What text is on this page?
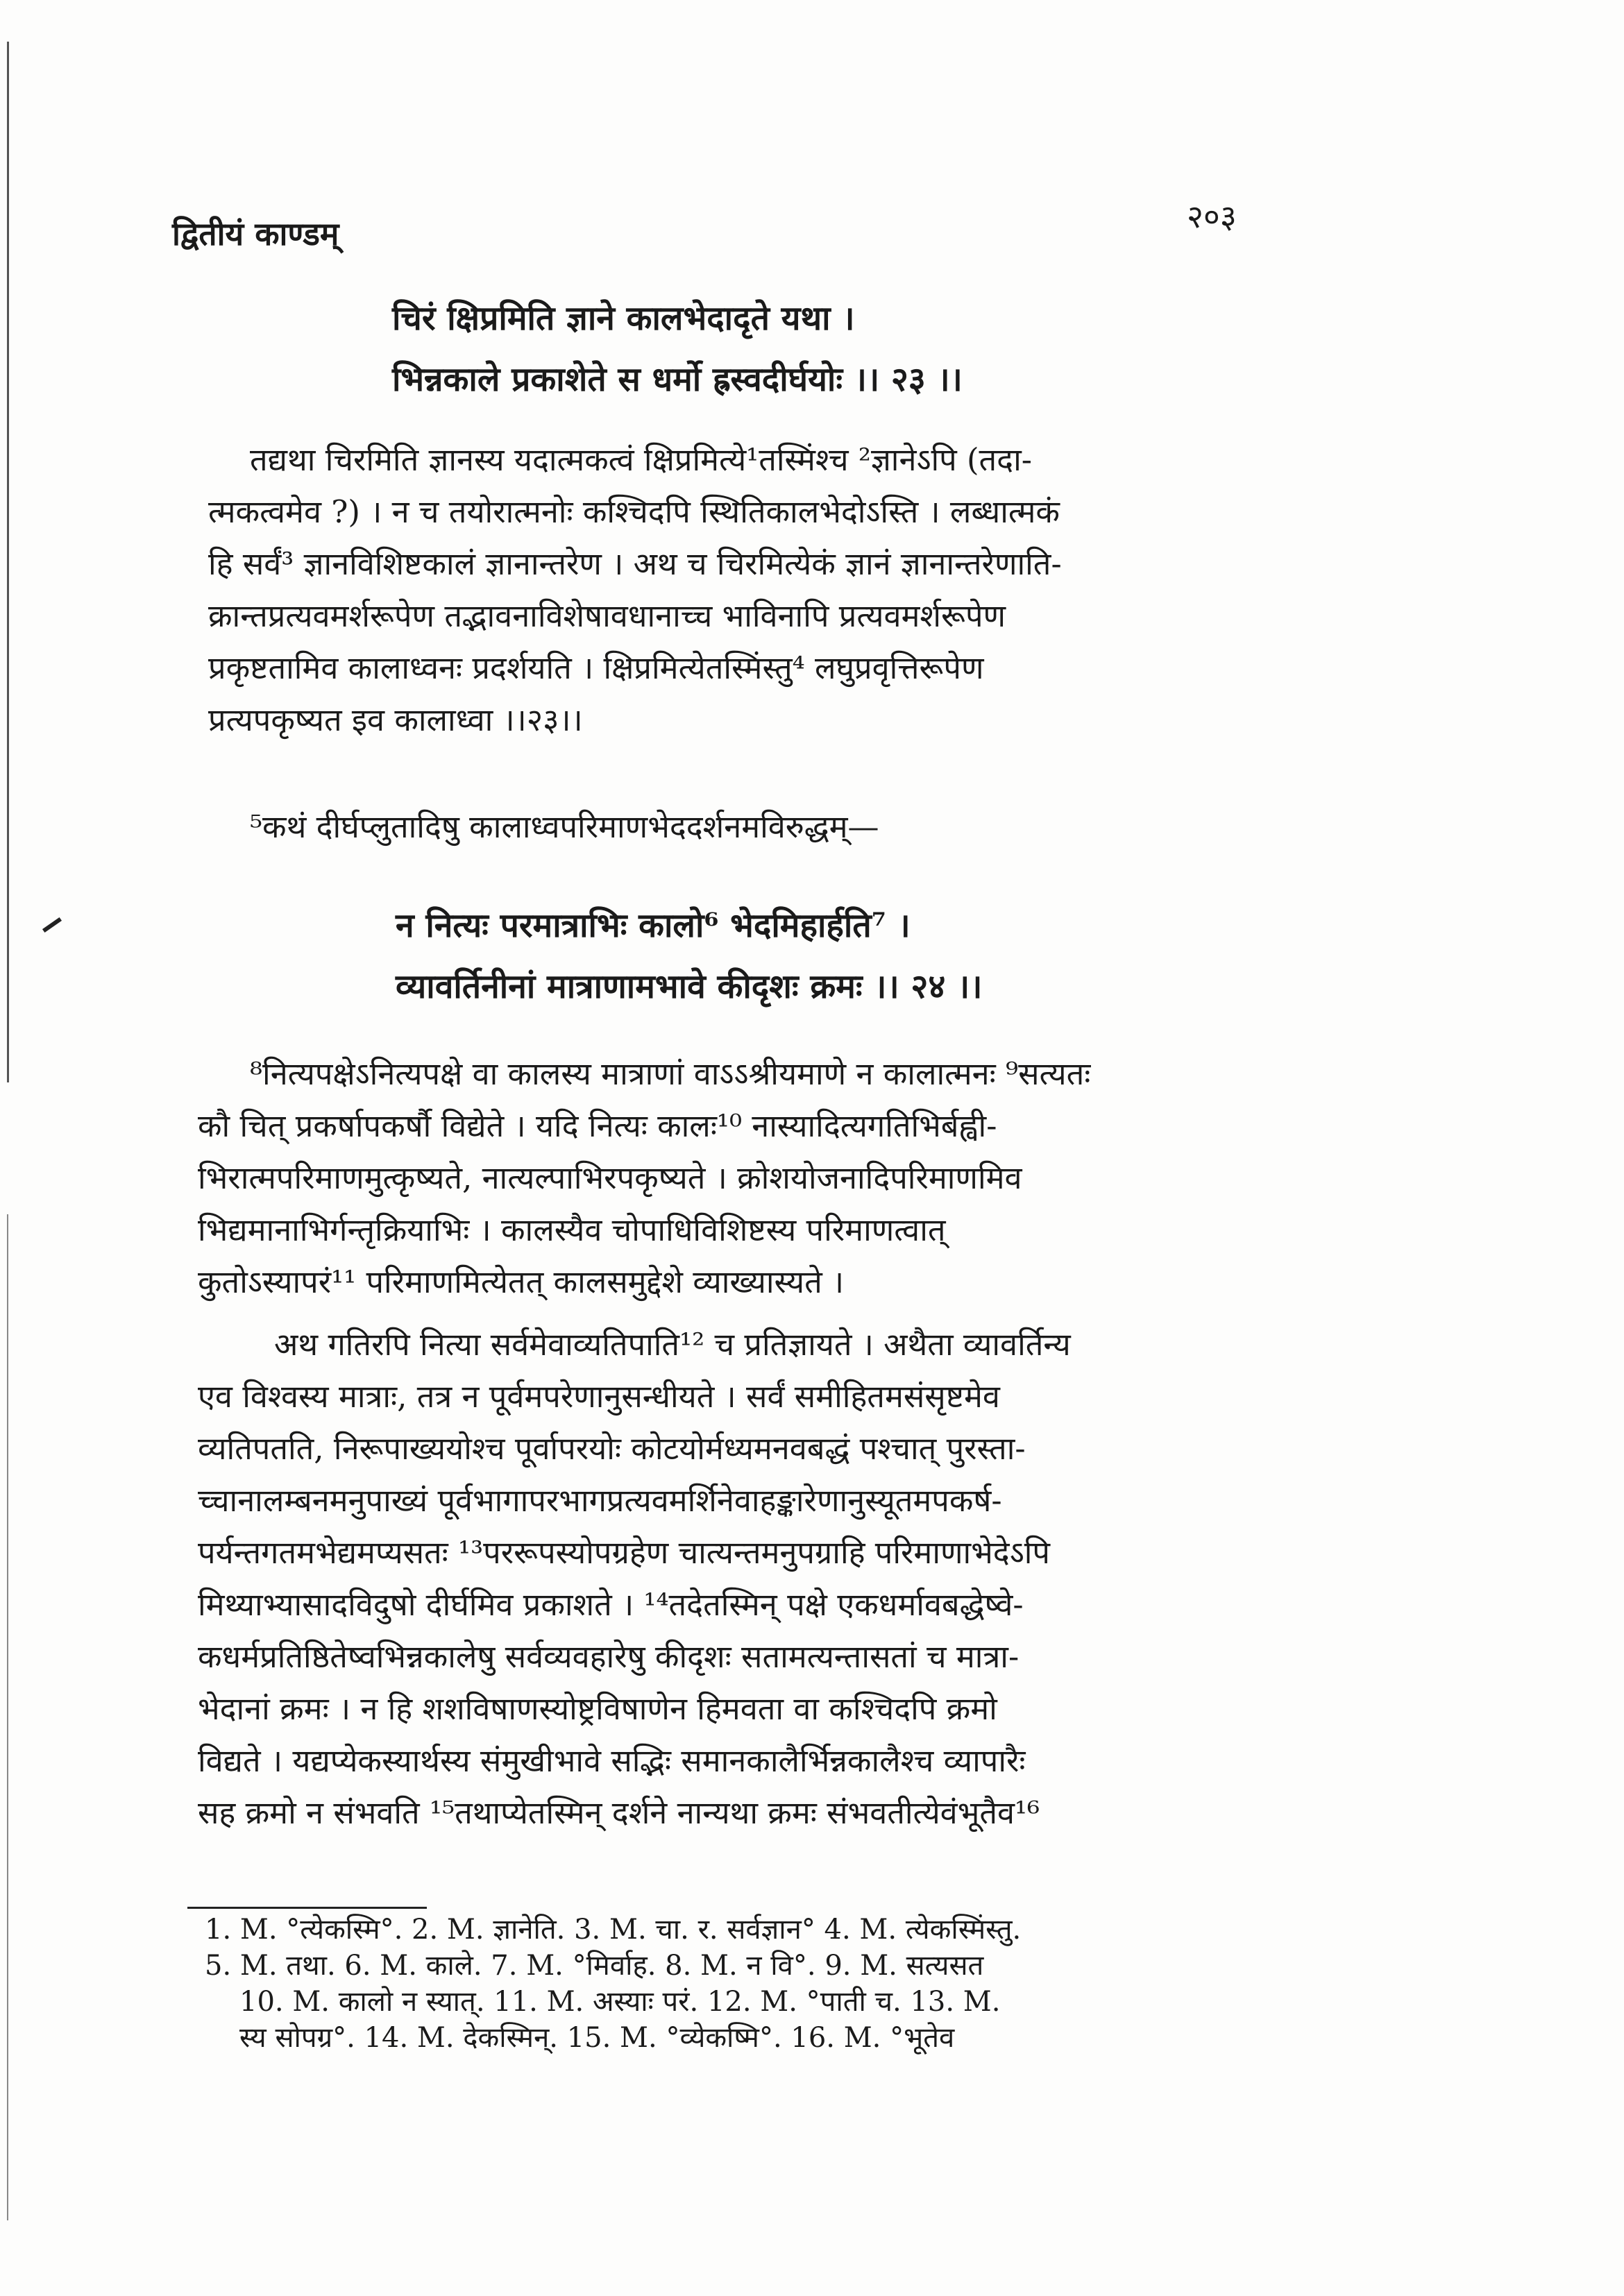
द्वितीयं काण्डम्	२०३
चिरं क्षिप्रमिति ज्ञाने कालभेदादृते यथा ।
भिन्नकाले प्रकाशेते स धर्मो ह्रस्वदीर्घयोः ।। २३ ।।
तद्यथा चिरमिति ज्ञानस्य यदात्मकत्वं क्षिप्रमित्ये¹तस्मिंश्च ²ज्ञानेऽपि (तदा-
त्मकत्वमेव ?) । न च तयोरात्मनोः कश्चिदपि स्थितिकालभेदोऽस्ति । लब्धात्मकं
हि सर्वं³ ज्ञानविशिष्टकालं ज्ञानान्तरेण । अथ च चिरमित्येकं ज्ञानं ज्ञानान्तरेणाति-
क्रान्तप्रत्यवमर्शरूपेण तद्भावनाविशेषावधानाच्च भाविनापि प्रत्यवमर्शरूपेण
प्रकृष्टतामिव कालाध्वनः प्रदर्शयति । क्षिप्रमित्येतस्मिंस्तु⁴ लघुप्रवृत्तिरूपेण
प्रत्यपकृष्यत इव कालाध्वा ।।२३।।
⁵कथं दीर्घप्लुतादिषु कालाध्वपरिमाणभेददर्शनमविरुद्धम्—
न नित्यः परमात्राभिः कालो⁶ भेदमिहार्हति⁷ ।
व्यावर्तिनीनां मात्राणामभावे कीदृशः क्रमः ।। २४ ।।
⁸नित्यपक्षेऽनित्यपक्षे वा कालस्य मात्राणां वाऽऽश्रीयमाणे न कालात्मनः ⁹सत्यतः
कौ चित् प्रकर्षापकर्षौ विद्येते । यदि नित्यः कालः¹⁰ नास्यादित्यगतिभिर्बह्वी-
भिरात्मपरिमाणमुत्कृष्यते, नात्यल्पाभिरपकृष्यते । क्रोशयोजनादिपरिमाणमिव
भिद्यमानाभिर्गन्तृक्रियाभिः । कालस्यैव चोपाधिविशिष्टस्य परिमाणत्वात्
कुतोऽस्यापरं¹¹ परिमाणमित्येतत् कालसमुद्देशे व्याख्यास्यते ।
अथ गतिरपि नित्या सर्वमेवाव्यतिपाति¹² च प्रतिज्ञायते । अथैता व्यावर्तिन्य
एव विश्वस्य मात्राः, तत्र न पूर्वमपरेणानुसन्धीयते । सर्वं समीहितमसंसृष्टमेव
व्यतिपतति, निरूपाख्ययोश्च पूर्वापरयोः कोटयोर्मध्यमनवबद्धं पश्चात् पुरस्ता-
च्चानालम्बनमनुपाख्यं पूर्वभागापरभागप्रत्यवमर्शिनेवाहङ्कारेणानुस्यूतमपकर्ष-
पर्यन्तगतमभेद्यमप्यसतः ¹³पररूपस्योपग्रहेण चात्यन्तमनुपग्राहि परिमाणाभेदेऽपि
मिथ्याभ्यासादविदुषो दीर्घमिव प्रकाशते । ¹⁴तदेतस्मिन् पक्षे एकधर्मावबद्धेष्वे-
कधर्मप्रतिष्ठितेष्वभिन्नकालेषु सर्वव्यवहारेषु कीदृशः सतामत्यन्तासतां च मात्रा-
भेदानां क्रमः । न हि शशविषाणस्योष्ट्रविषाणेन हिमवता वा कश्चिदपि क्रमो
विद्यते । यद्यप्येकस्यार्थस्य संमुखीभावे सद्भिः समानकालैर्भिन्नकालैश्च व्यापारैः
सह क्रमो न संभवति ¹⁵तथाप्येतस्मिन् दर्शने नान्यथा क्रमः संभवतीत्येवंभूतैव¹⁶
1. M. °त्येकस्मि°. 2. M. ज्ञानेति. 3. M. चा. र. सर्वज्ञान° 4. M. त्येकस्मिंस्तु.
5. M. तथा. 6. M. काले. 7. M. °मिर्वाह. 8. M. न वि°. 9. M. सत्यसत
10. M. कालो न स्यात्. 11. M. अस्याः परं. 12. M. °पाती च. 13. M.
स्य सोपग्र°. 14. M. देकस्मिन्. 15. M. °व्येकष्मि°. 16. M. °भूतेव
